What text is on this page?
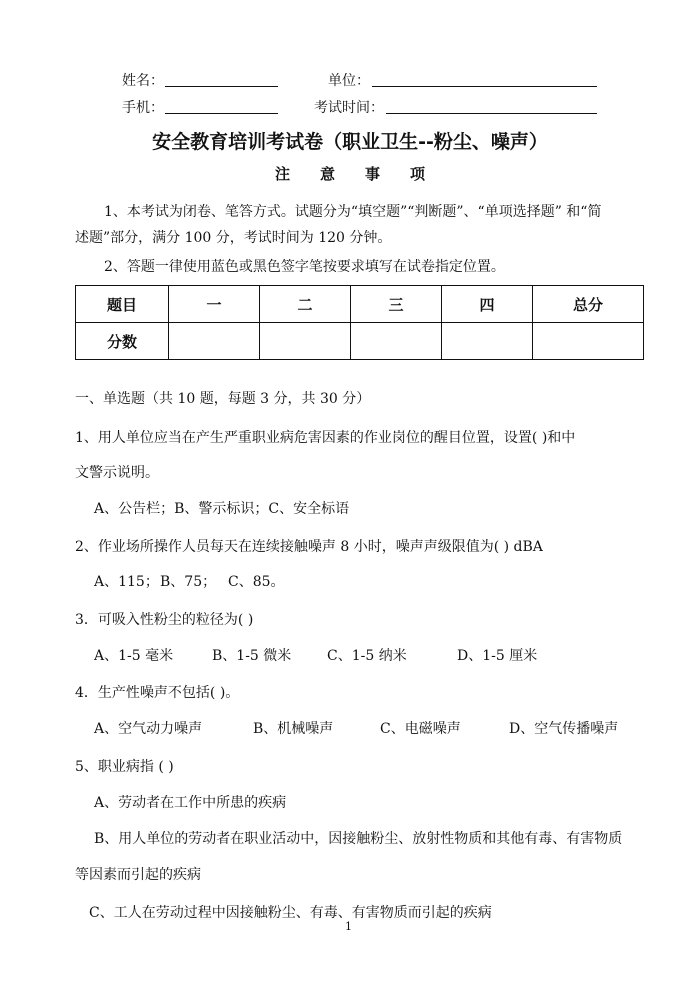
姓名：	单位：
手机：	考试时间：
安全教育培训考试卷（职业卫生--粉尘、噪声）
注意事项
1、本考试为闭卷、笔答方式。试题分为“填空题”“判断题”、“单项选择题” 和“简
述题”部分，满分 100 分，考试时间为 120 分钟。
2、答题一律使用蓝色或黑色签字笔按要求填写在试卷指定位置。
题目	一	二	三	四	总分
分数					
一、单选题（共 10 题，每题 3 分，共 30 分）
1、用人单位应当在产生严重职业病危害因素的作业岗位的醒目位置，设置( )和中
文警示说明。
A、公告栏；B、警示标识；C、安全标语
2、作业场所操作人员每天在连续接触噪声 8 小时，噪声声级限值为( ) dBA
A、115； B、75； C、85。
3．可吸入性粉尘的粒径为( )
A、1-5 毫米	B、1-5 微米	C、1-5 纳米	D、1-5 厘米
4．生产性噪声不包括( )。
A、空气动力噪声	B、机械噪声	C、电磁噪声	D、空气传播噪声
5、职业病指 ( )
A、劳动者在工作中所患的疾病
B、用人单位的劳动者在职业活动中，因接触粉尘、放射性物质和其他有毒、有害物质
等因素而引起的疾病
C、工人在劳动过程中因接触粉尘、有毒、有害物质而引起的疾病
1
